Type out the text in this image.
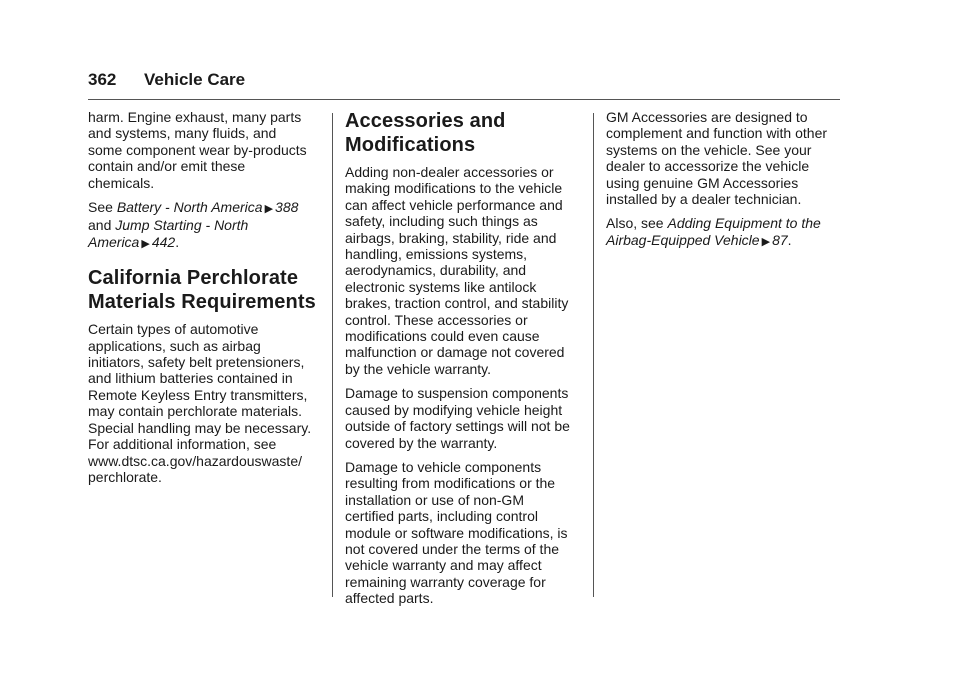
362 Vehicle Care

harm. Engine exhaust, many parts
and systems, many fluids, and
some component wear by-products
contain and/or emit these
chemicals.

See Battery - North America ▶ 388
and Jump Starting - North
America ▶ 442.

California Perchlorate
Materials Requirements

Certain types of automotive
applications, such as airbag
initiators, safety belt pretensioners,
and lithium batteries contained in
Remote Keyless Entry transmitters,
may contain perchlorate materials.
Special handling may be necessary.
For additional information, see
www.dtsc.ca.gov/hazardouswaste/
perchlorate.

Accessories and
Modifications

Adding non-dealer accessories or
making modifications to the vehicle
can affect vehicle performance and
safety, including such things as
airbags, braking, stability, ride and
handling, emissions systems,
aerodynamics, durability, and
electronic systems like antilock
brakes, traction control, and stability
control. These accessories or
modifications could even cause
malfunction or damage not covered
by the vehicle warranty.

Damage to suspension components
caused by modifying vehicle height
outside of factory settings will not be
covered by the warranty.

Damage to vehicle components
resulting from modifications or the
installation or use of non-GM
certified parts, including control
module or software modifications, is
not covered under the terms of the
vehicle warranty and may affect
remaining warranty coverage for
affected parts.

GM Accessories are designed to
complement and function with other
systems on the vehicle. See your
dealer to accessorize the vehicle
using genuine GM Accessories
installed by a dealer technician.

Also, see Adding Equipment to the
Airbag-Equipped Vehicle ▶ 87.
